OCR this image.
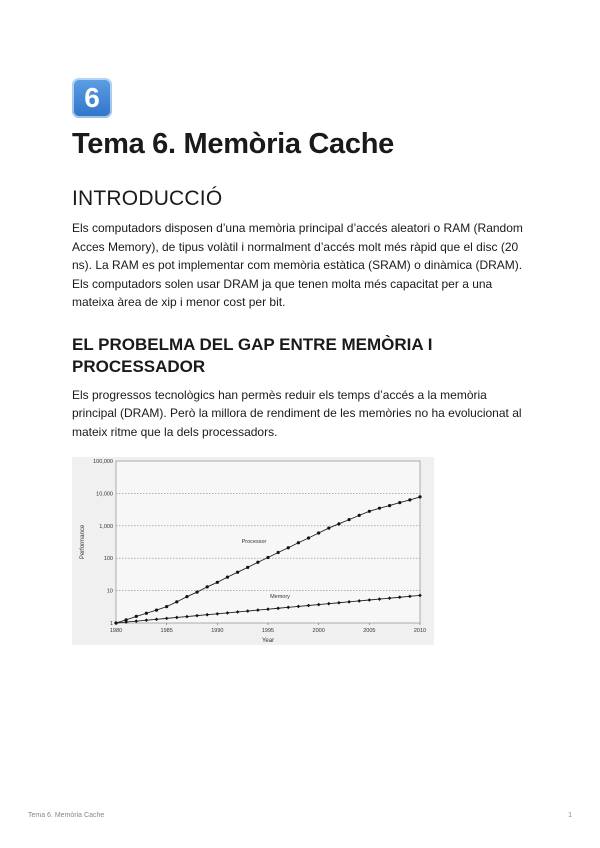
6
Tema 6. Memòria Cache
INTRODUCCIÓ

Els computadors disposen d’una memòria principal d’accés aleatori o RAM (Random Acces Memory), de tipus volàtil i normalment d’accés molt més ràpid que el disc (20 ns). La RAM es pot implementar com memòria estàtica (SRAM) o dinàmica (DRAM). Els computadors solen usar DRAM ja que tenen molta més capacitat per a una mateixa àrea de xip i menor cost per bit.

EL PROBELMA DEL GAP ENTRE MEMÒRIA I PROCESSADOR

Els progressos tecnològics han permès reduir els temps d’accés a la memòria principal (DRAM). Però la millora de rendiment de les memòries no ha evolucionat al mateix ritme que la dels processadors.

1
10
100
1,000
10,000
100,000
1980	1985	1990	1995	2000	2005	2010
Performance
Year
Processor
Memory
Tema 6. Memòria Cache	1
